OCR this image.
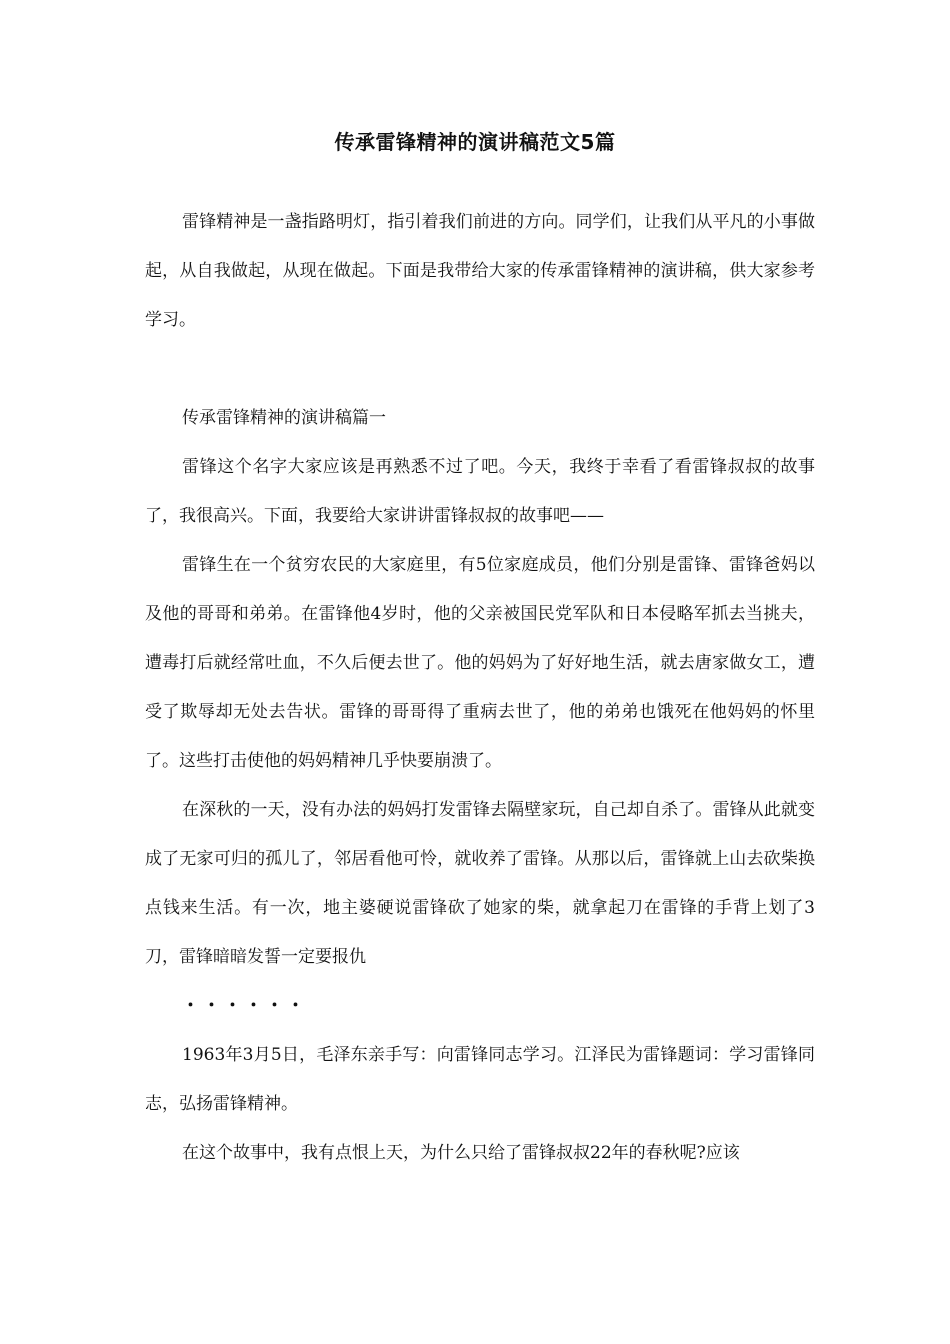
传承雷锋精神的演讲稿范文5篇

雷锋精神是一盏指路明灯，指引着我们前进的方向。同学们，让我们从平凡的小事做起，从自我做起，从现在做起。下面是我带给大家的传承雷锋精神的演讲稿，供大家参考学习。

传承雷锋精神的演讲稿篇一

雷锋这个名字大家应该是再熟悉不过了吧。今天，我终于幸看了看雷锋叔叔的故事了，我很高兴。下面，我要给大家讲讲雷锋叔叔的故事吧——

雷锋生在一个贫穷农民的大家庭里，有5位家庭成员，他们分别是雷锋、雷锋爸妈以及他的哥哥和弟弟。在雷锋他4岁时，他的父亲被国民党军队和日本侵略军抓去当挑夫，遭毒打后就经常吐血，不久后便去世了。他的妈妈为了好好地生活，就去唐家做女工，遭受了欺辱却无处去告状。雷锋的哥哥得了重病去世了，他的弟弟也饿死在他妈妈的怀里了。这些打击使他的妈妈精神几乎快要崩溃了。

在深秋的一天，没有办法的妈妈打发雷锋去隔壁家玩，自己却自杀了。雷锋从此就变成了无家可归的孤儿了，邻居看他可怜，就收养了雷锋。从那以后，雷锋就上山去砍柴换点钱来生活。有一次，地主婆硬说雷锋砍了她家的柴，就拿起刀在雷锋的手背上划了3刀，雷锋暗暗发誓一定要报仇

・・・・・・

1963年3月5日，毛泽东亲手写：向雷锋同志学习。江泽民为雷锋题词：学习雷锋同志，弘扬雷锋精神。

在这个故事中，我有点恨上天，为什么只给了雷锋叔叔22年的春秋呢?应该
